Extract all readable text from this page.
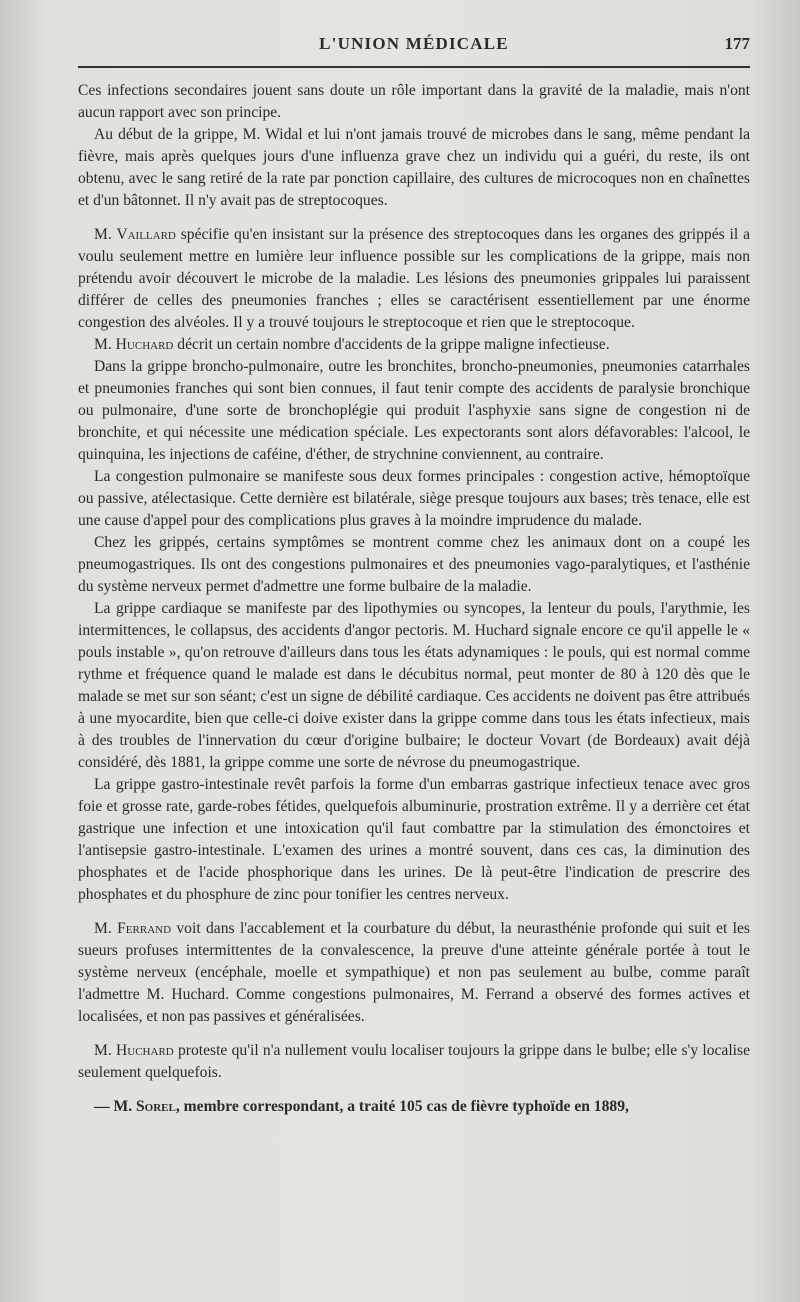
L'UNION MÉDICALE	177

Ces infections secondaires jouent sans doute un rôle important dans la gravité de la maladie, mais n'ont aucun rapport avec son principe.

Au début de la grippe, M. Widal et lui n'ont jamais trouvé de microbes dans le sang, même pendant la fièvre, mais après quelques jours d'une influenza grave chez un individu qui a guéri, du reste, ils ont obtenu, avec le sang retiré de la rate par ponction capillaire, des cultures de microcoques non en chaînettes et d'un bâtonnet. Il n'y avait pas de streptocoques.

M. Vaillard spécifie qu'en insistant sur la présence des streptocoques dans les organes des grippés il a voulu seulement mettre en lumière leur influence possible sur les complications de la grippe, mais non prétendu avoir découvert le microbe de la maladie. Les lésions des pneumonies grippales lui paraissent différer de celles des pneumonies franches ; elles se caractérisent essentiellement par une énorme congestion des alvéoles. Il y a trouvé toujours le streptocoque et rien que le streptocoque.

M. Huchard décrit un certain nombre d'accidents de la grippe maligne infectieuse.

Dans la grippe broncho-pulmonaire, outre les bronchites, broncho-pneumonies, pneumonies catarrhales et pneumonies franches qui sont bien connues, il faut tenir compte des accidents de paralysie bronchique ou pulmonaire, d'une sorte de bronchoplégie qui produit l'asphyxie sans signe de congestion ni de bronchite, et qui nécessite une médication spéciale. Les expectorants sont alors défavorables: l'alcool, le quinquina, les injections de caféine, d'éther, de strychnine conviennent, au contraire.

La congestion pulmonaire se manifeste sous deux formes principales : congestion active, hémoptoïque ou passive, atélectasique. Cette dernière est bilatérale, siège presque toujours aux bases; très tenace, elle est une cause d'appel pour des complications plus graves à la moindre imprudence du malade.

Chez les grippés, certains symptômes se montrent comme chez les animaux dont on a coupé les pneumogastriques. Ils ont des congestions pulmonaires et des pneumonies vago-paralytiques, et l'asthénie du système nerveux permet d'admettre une forme bulbaire de la maladie.

La grippe cardiaque se manifeste par des lipothymies ou syncopes, la lenteur du pouls, l'arythmie, les intermittences, le collapsus, des accidents d'angor pectoris. M. Huchard signale encore ce qu'il appelle le « pouls instable », qu'on retrouve d'ailleurs dans tous les états adynamiques : le pouls, qui est normal comme rythme et fréquence quand le malade est dans le décubitus normal, peut monter de 80 à 120 dès que le malade se met sur son séant; c'est un signe de débilité cardiaque. Ces accidents ne doivent pas être attribués à une myocardite, bien que celle-ci doive exister dans la grippe comme dans tous les états infectieux, mais à des troubles de l'innervation du cœur d'origine bulbaire; le docteur Vovart (de Bordeaux) avait déjà considéré, dès 1881, la grippe comme une sorte de névrose du pneumogastrique.

La grippe gastro-intestinale revêt parfois la forme d'un embarras gastrique infectieux tenace avec gros foie et grosse rate, garde-robes fétides, quelquefois albuminurie, prostration extrême. Il y a derrière cet état gastrique une infection et une intoxication qu'il faut combattre par la stimulation des émonctoires et l'antisepsie gastro-intestinale. L'examen des urines a montré souvent, dans ces cas, la diminution des phosphates et de l'acide phosphorique dans les urines. De là peut-être l'indication de prescrire des phosphates et du phosphure de zinc pour tonifier les centres nerveux.

M. Ferrand voit dans l'accablement et la courbature du début, la neurasthénie profonde qui suit et les sueurs profuses intermittentes de la convalescence, la preuve d'une atteinte générale portée à tout le système nerveux (encéphale, moelle et sympathique) et non pas seulement au bulbe, comme paraît l'admettre M. Huchard. Comme congestions pulmonaires, M. Ferrand a observé des formes actives et localisées, et non pas passives et généralisées.

M. Huchard proteste qu'il n'a nullement voulu localiser toujours la grippe dans le bulbe; elle s'y localise seulement quelquefois.

— M. Sorel, membre correspondant, a traité 105 cas de fièvre typhoïde en 1889,
